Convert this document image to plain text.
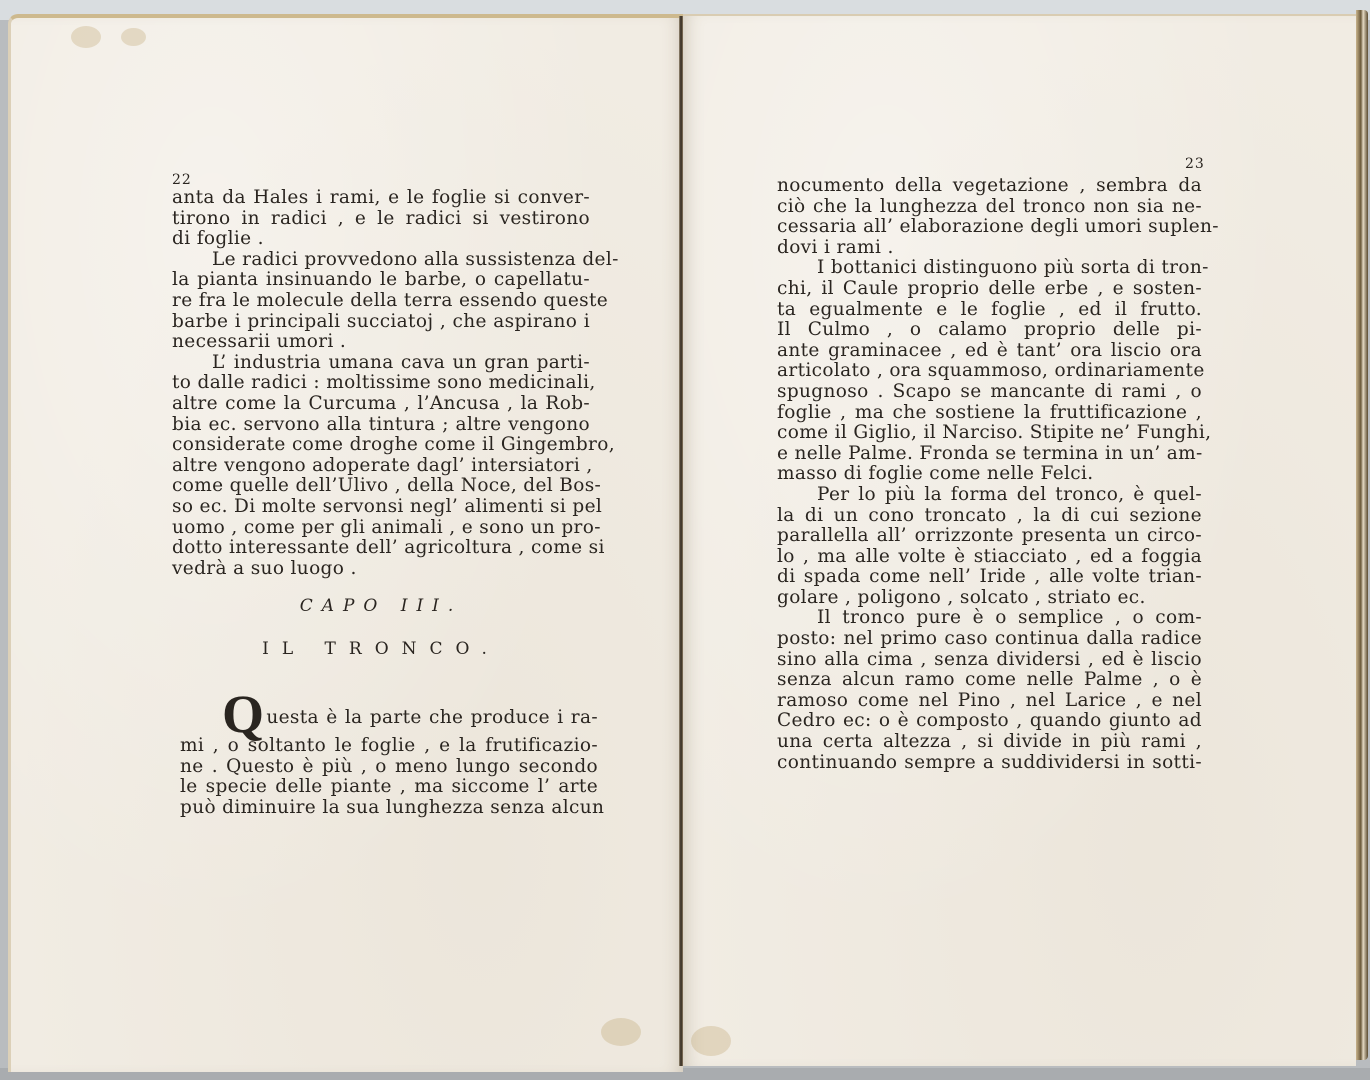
22

anta da Hales i rami, e le foglie si conver-
tirono in radici , e le radici si vestirono
di foglie .

Le radici provvedono alla sussistenza del-
la pianta insinuando le barbe, o capellatu-
re fra le molecule della terra essendo queste
barbe i principali succiatoj , che aspirano i
necessarii umori .

L’ industria umana cava un gran parti-
to dalle radici : moltissime sono medicinali,
altre come la Curcuma , l’Ancusa , la Rob-
bia ec. servono alla tintura ; altre vengono
considerate come droghe come il Gingembro,
altre vengono adoperate dagl’ intersiatori ,
come quelle dell’Ulivo , della Noce, del Bos-
so ec. Di molte servonsi negl’ alimenti si pel
uomo , come per gli animali , e sono un pro-
dotto interessante dell’ agricoltura , come si
vedrà a suo luogo .

CAPO III.
IL TRONCO.
Q uesta è la parte che produce i ra-
mi , o soltanto le foglie , e la frutificazio-
ne . Questo è più , o meno lungo secondo
le specie delle piante , ma siccome l’ arte
può diminuire la sua lunghezza senza alcun
23

nocumento della vegetazione , sembra da
ciò che la lunghezza del tronco non sia ne-
cessaria all’ elaborazione degli umori suplen-
dovi i rami .

I bottanici distinguono più sorta di tron-
chi, il Caule proprio delle erbe , e sosten-
ta egualmente e le foglie , ed il frutto.
Il Culmo , o calamo proprio delle pi-
ante graminacee , ed è tant’ ora liscio ora
articolato , ora squammoso, ordinariamente
spugnoso . Scapo se mancante di rami , o
foglie , ma che sostiene la fruttificazione ,
come il Giglio, il Narciso. Stipite ne’ Funghi,
e nelle Palme. Fronda se termina in un’ am-
masso di foglie come nelle Felci.

Per lo più la forma del tronco, è quel-
la di un cono troncato , la di cui sezione
parallella all’ orrizzonte presenta un circo-
lo , ma alle volte è stiacciato , ed a foggia
di spada come nell’ Iride , alle volte trian-
golare , poligono , solcato , striato ec.

Il tronco pure è o semplice , o com-
posto: nel primo caso continua dalla radice
sino alla cima , senza dividersi , ed è liscio
senza alcun ramo come nelle Palme , o è
ramoso come nel Pino , nel Larice , e nel
Cedro ec: o è composto , quando giunto ad
una certa altezza , si divide in più rami ,
continuando sempre a suddividersi in sotti-
